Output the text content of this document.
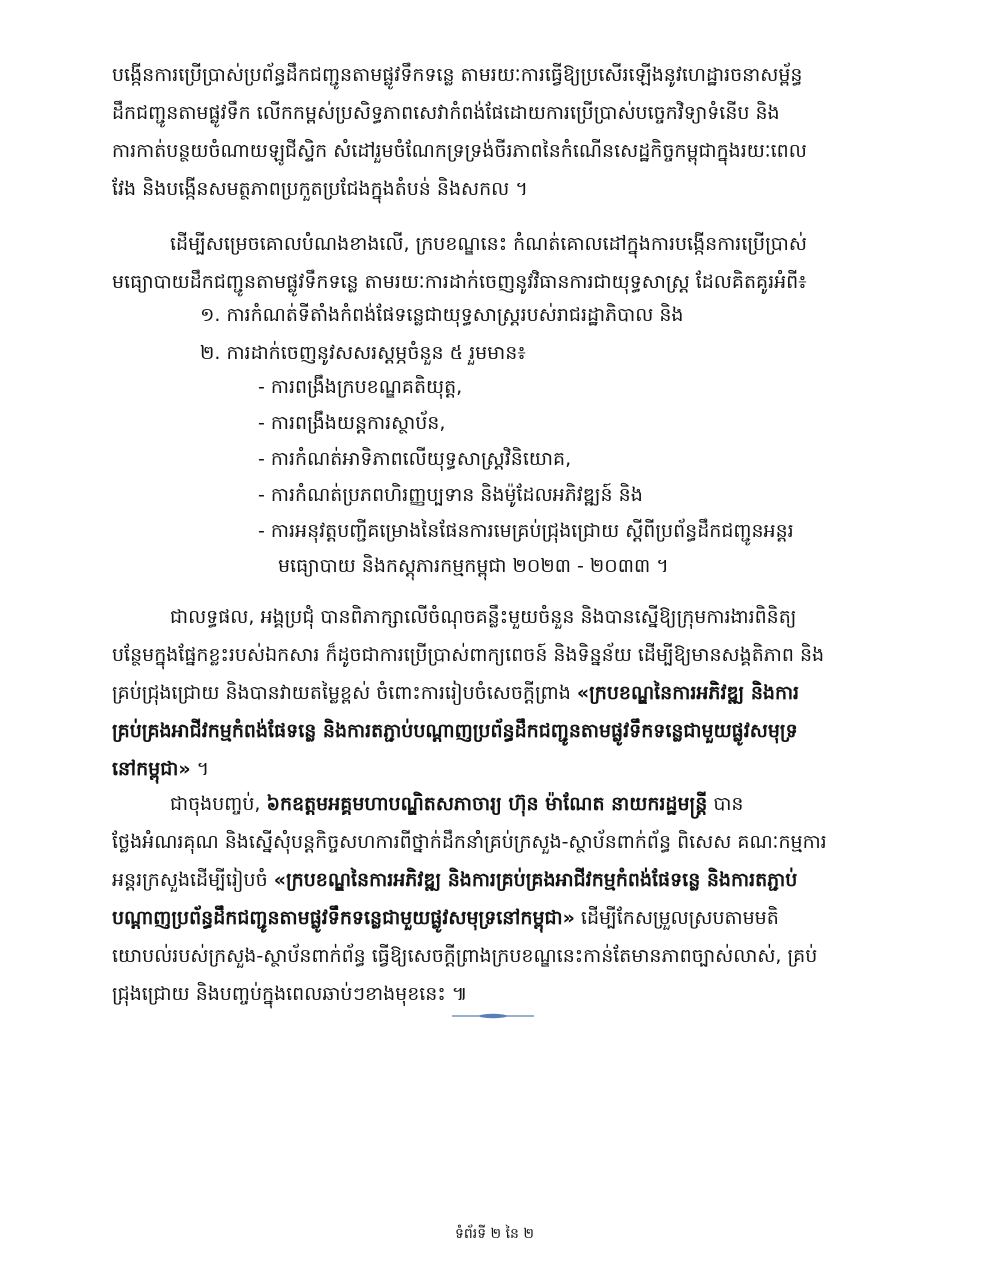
បង្កើនការប្រើប្រាស់ប្រព័ន្ធដឹកជញ្ជូនតាមផ្លូវទឹកទន្លេ តាមរយៈការធ្វើឱ្យប្រសើរឡើងនូវហេដ្ឋារចនាសម្ព័ន្ធ
ដឹកជញ្ជូនតាមផ្លូវទឹក លើកកម្ពស់ប្រសិទ្ធភាពសេវាកំពង់ផែដោយការប្រើប្រាស់បច្ចេកវិទ្យាទំនើប និង
ការកាត់បន្ថយចំណាយឡូជីស្ទិក សំដៅរួមចំណែកទ្រទ្រង់ចីរភាពនៃកំណើនសេដ្ឋកិច្ចកម្ពុជាក្នុងរយៈពេល
វែង និងបង្កើនសមត្ថភាពប្រកួតប្រជែងក្នុងតំបន់ និងសកល ។
ដើម្បីសម្រេចគោលបំណងខាងលើ, ក្របខណ្ឌនេះ កំណត់គោលដៅក្នុងការបង្កើនការប្រើប្រាស់
មធ្យោបាយដឹកជញ្ជូនតាមផ្លូវទឹកទន្លេ តាមរយៈការដាក់ចេញនូវវិធានការជាយុទ្ធសាស្ត្រ ដែលគិតគូរអំពី៖
១. ការកំណត់ទីតាំងកំពង់ផែទន្លេជាយុទ្ធសាស្ត្ររបស់រាជរដ្ឋាភិបាល និង
២. ការដាក់ចេញនូវសសរស្តម្ភចំនួន ៥ រួមមាន៖
- ការពង្រឹងក្របខណ្ឌគតិយុត្ត,
- ការពង្រឹងយន្តការស្ថាប័ន,
- ការកំណត់អាទិភាពលើយុទ្ធសាស្ត្រវិនិយោគ,
- ការកំណត់ប្រភពហិរញ្ញប្បទាន និងម៉ូដែលអភិវឌ្ឍន៍ និង
- ការអនុវត្តបញ្ជីគម្រោងនៃផែនការមេគ្រប់ជ្រុងជ្រោយ ស្តីពីប្រព័ន្ធដឹកជញ្ជូនអន្តរ
មធ្យោបាយ និងកស្តុភារកម្មកម្ពុជា ២០២៣ - ២០៣៣ ។
ជាលទ្ធផល, អង្គប្រជុំ បានពិភាក្សាលើចំណុចគន្លឹះមួយចំនួន និងបានស្នើឱ្យក្រុមការងារពិនិត្យ
បន្ថែមក្នុងផ្នែកខ្លះរបស់ឯកសារ ក៏ដូចជាការប្រើប្រាស់ពាក្យពេចន៍ និងទិន្នន័យ ដើម្បីឱ្យមានសង្គតិភាព និង
គ្រប់ជ្រុងជ្រោយ និងបានវាយតម្លៃខ្ពស់ ចំពោះការរៀបចំសេចក្តីព្រាង «ក្របខណ្ឌនៃការអភិវឌ្ឍ និងការ
គ្រប់គ្រងអាជីវកម្មកំពង់ផែទន្លេ និងការតភ្ជាប់បណ្តាញប្រព័ន្ធដឹកជញ្ជូនតាមផ្លូវទឹកទន្លេជាមួយផ្លូវសមុទ្រ
នៅកម្ពុជា» ។
ជាចុងបញ្ចប់, ៦កឧត្តមអគ្គមហាបណ្ឌិតសភាចារ្យ ហ៊ុន ម៉ាណែត នាយករដ្ឋមន្ត្រី បាន
ថ្លែងអំណរគុណ និងស្នើសុំបន្តកិច្ចសហការពីថ្នាក់ដឹកនាំគ្រប់ក្រសួង-ស្ថាប័នពាក់ព័ន្ធ ពិសេស គណៈកម្មការ
អន្តរក្រសួងដើម្បីរៀបចំ «ក្របខណ្ឌនៃការអភិវឌ្ឍ និងការគ្រប់គ្រងអាជីវកម្មកំពង់ផែទន្លេ និងការតភ្ជាប់
បណ្តាញប្រព័ន្ធដឹកជញ្ជូនតាមផ្លូវទឹកទន្លេជាមួយផ្លូវសមុទ្រនៅកម្ពុជា» ដើម្បីកែសម្រួលស្របតាមមតិ
យោបល់របស់ក្រសួង-ស្ថាប័នពាក់ព័ន្ធ ធ្វើឱ្យសេចក្តីព្រាងក្របខណ្ឌនេះកាន់តែមានភាពច្បាស់លាស់, គ្រប់
ជ្រុងជ្រោយ និងបញ្ចប់ក្នុងពេលឆាប់ៗខាងមុខនេះ ៕
ទំព័រទី ២ នៃ ២
